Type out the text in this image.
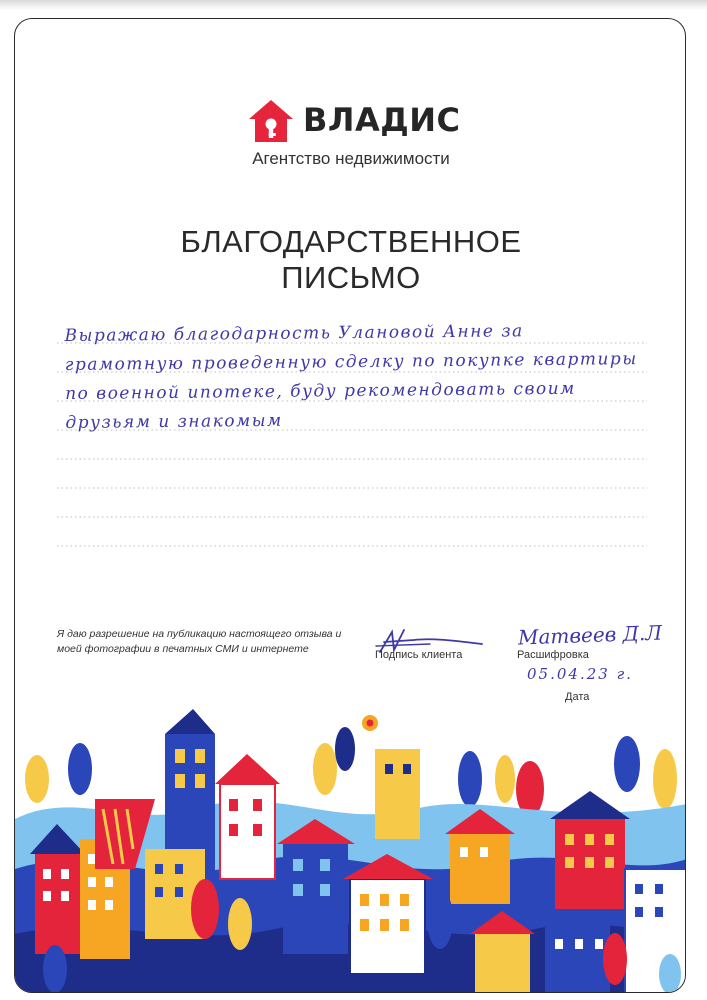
ВЛАДИС
Агентство недвижимости
БЛАГОДАРСТВЕННОЕ
ПИСЬМО
Выражаю благодарность Улановой Анне за грамотную проведенную сделку по покупке квартиры по военной ипотеке, буду рекомендовать своим друзьям и знакомым
Я даю разрешение на публикацию настоящего отзыва и моей фотографии в печатных СМИ и интернете	Подпись клиента
Матвеев Д.Л
Расшифровка
05.04.23 г.
Дата
